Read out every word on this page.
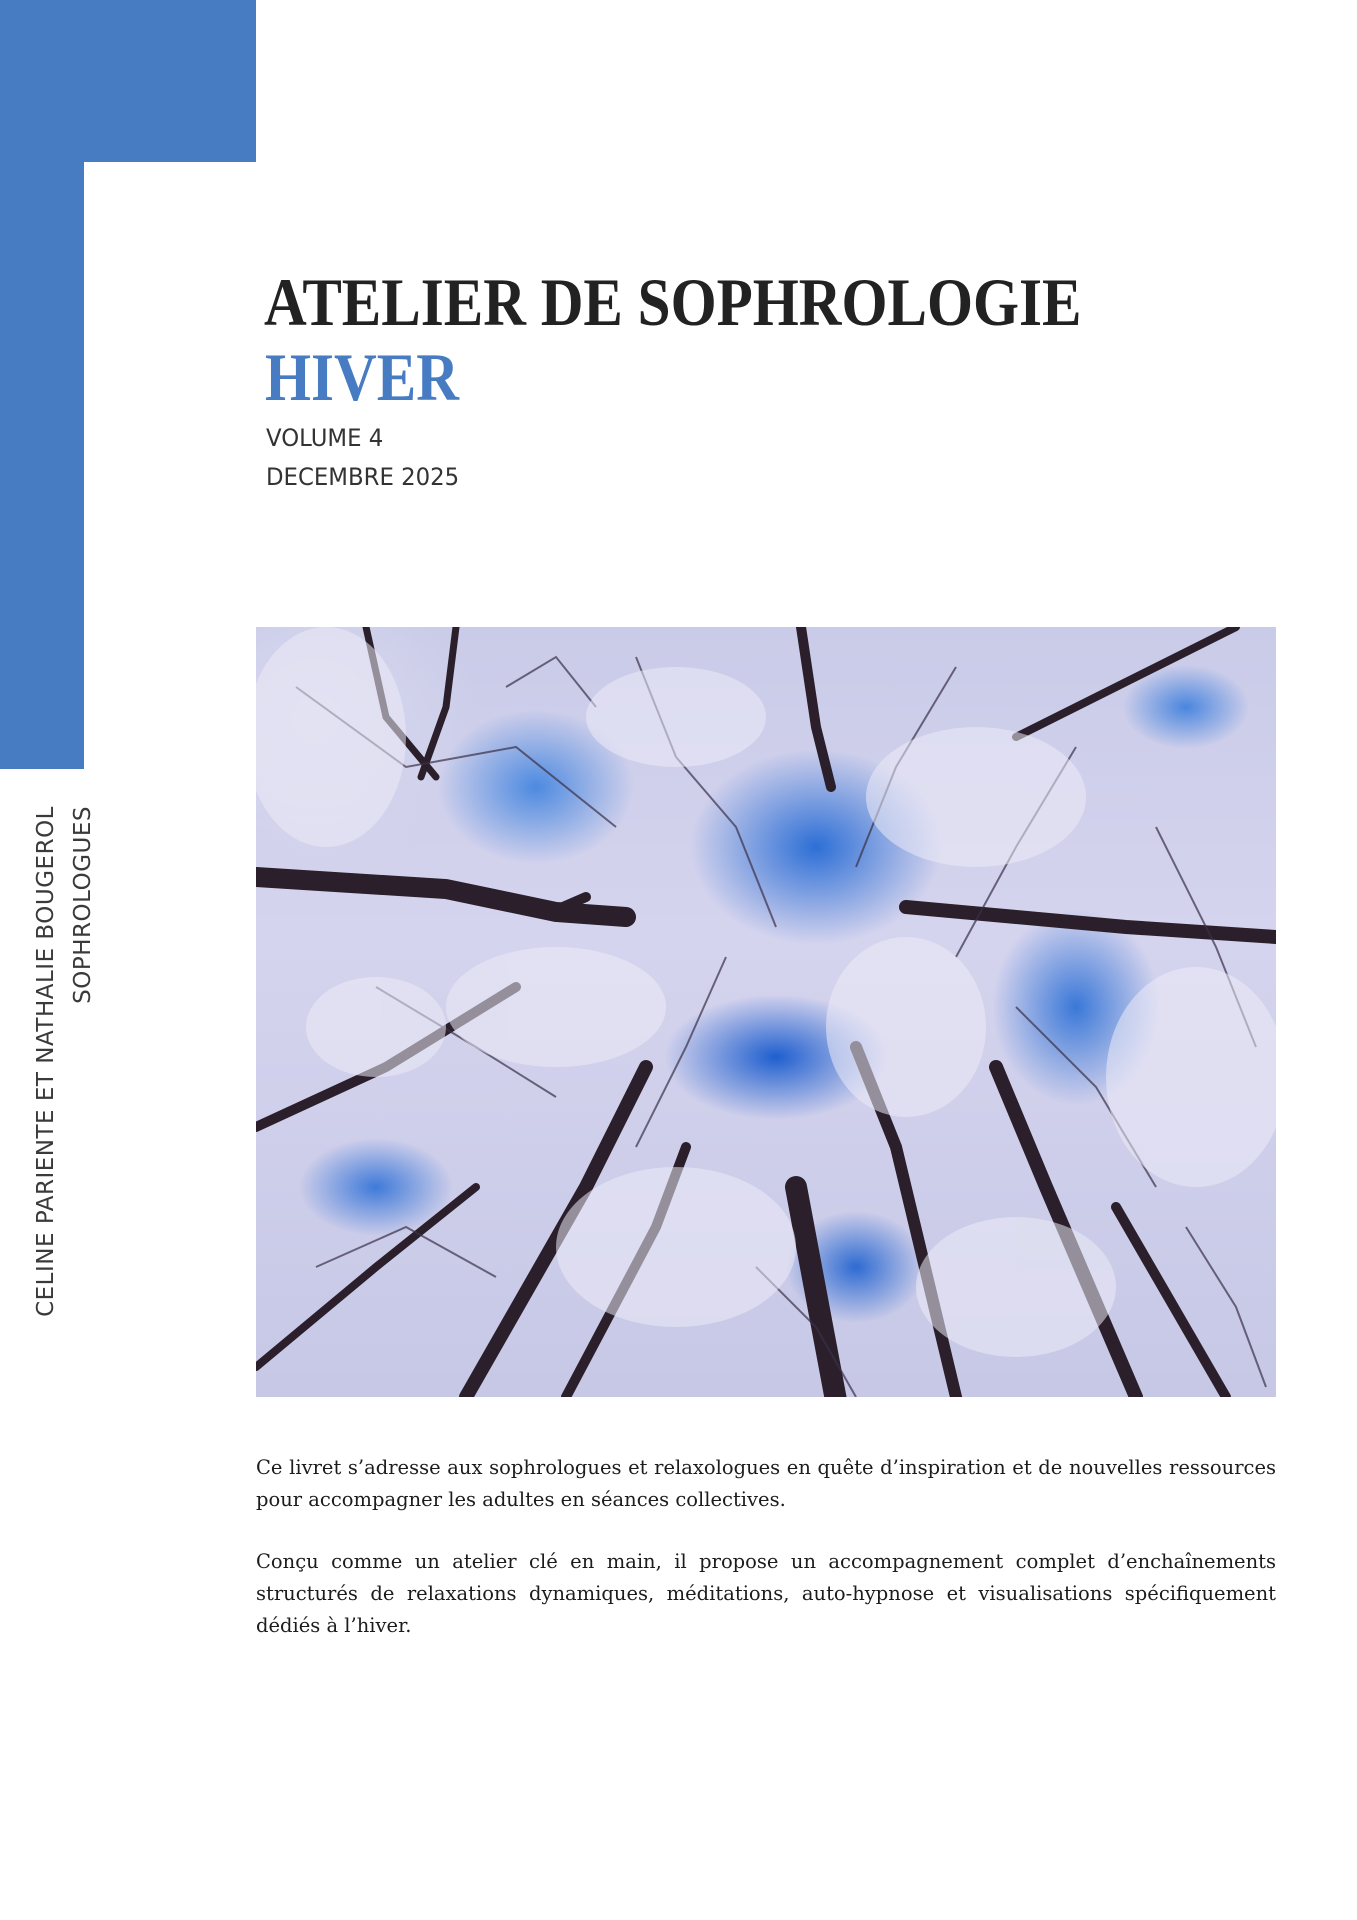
CELINE PARIENTE ET NATHALIE BOUGEROL SOPHROLOGUES
ATELIER DE SOPHROLOGIE
HIVER
VOLUME 4
DECEMBRE 2025

Ce livret s’adresse aux sophrologues et relaxologues en quête d’inspiration et de nouvelles ressources pour accompagner les adultes en séances collectives.

Conçu comme un atelier clé en main, il propose un accompagnement complet d’enchaînements structurés de relaxations dynamiques, méditations, auto-hypnose et visualisations spécifiquement dédiés à l’hiver.
